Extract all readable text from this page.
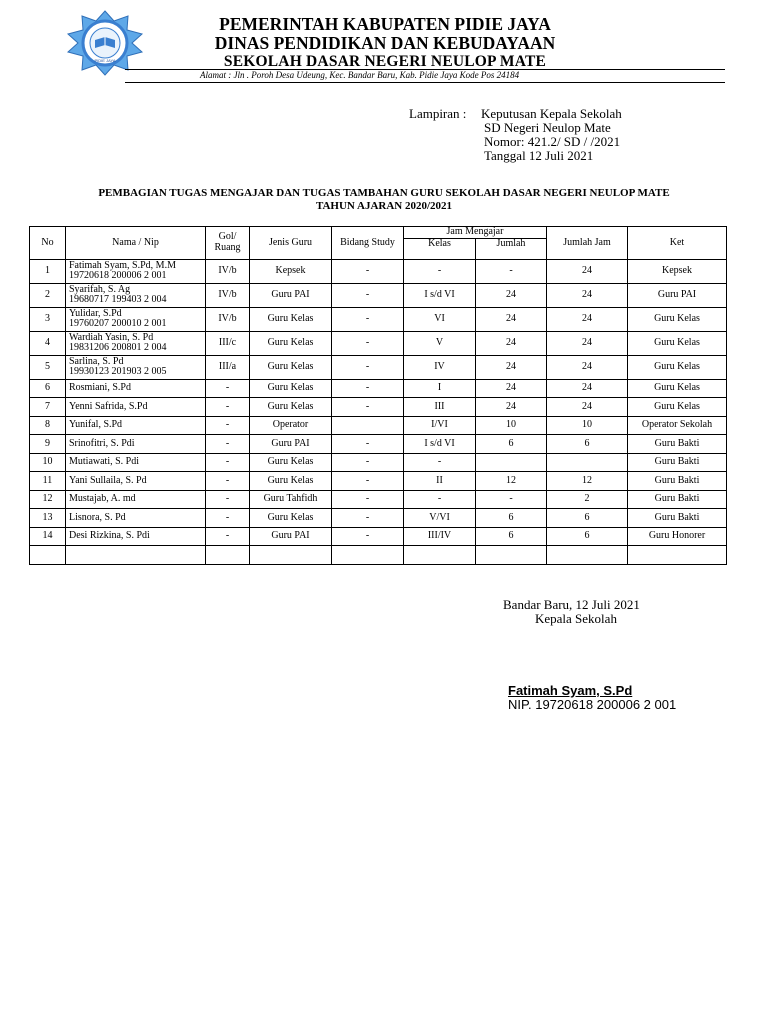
PIDIE JAYA
PEMERINTAH KABUPATEN PIDIE JAYA
DINAS PENDIDIKAN DAN KEBUDAYAAN
SEKOLAH DASAR NEGERI NEULOP MATE
Alamat : Jln . Poroh Desa Udeung, Kec. Bandar Baru, Kab. Pidie Jaya Kode Pos 24184
Lampiran : Keputusan Kepala Sekolah
SD Negeri Neulop Mate
Nomor: 421.2/ SD / /2021
Tanggal 12 Juli 2021
PEMBAGIAN TUGAS MENGAJAR DAN TUGAS TAMBAHAN GURU SEKOLAH DASAR NEGERI NEULOP MATE
TAHUN AJARAN 2020/2021
No	Nama / Nip	Gol/ Ruang	Jenis Guru	Bidang Study	Jam Mengajar		Jumlah Jam	Ket
					Kelas	Jumlah		
1	Fatimah Syam, S.Pd, M.M
19720618 200006 2 001	IV/b	Kepsek	-	-	-	24	Kepsek
2	Syarifah, S. Ag
19680717 199403 2 004	IV/b	Guru PAI	-	I s/d VI	24	24	Guru PAI
3	Yulidar, S.Pd
19760207 200010 2 001	IV/b	Guru Kelas	-	VI	24	24	Guru Kelas
4	Wardiah Yasin, S. Pd
19831206 200801 2 004	III/c	Guru Kelas	-	V	24	24	Guru Kelas
5	Sarlina, S. Pd
19930123 201903 2 005	III/a	Guru Kelas	-	IV	24	24	Guru Kelas
6	Rosmiani, S.Pd	-	Guru Kelas	-	I	24	24	Guru Kelas
7	Yenni Safrida, S.Pd	-	Guru Kelas	-	III	24	24	Guru Kelas
8	Yunifal, S.Pd	-	Operator		I/VI	10	10	Operator Sekolah
9	Srinofitri, S. Pdi	-	Guru PAI	-	I s/d VI	6	6	Guru Bakti
10	Mutiawati, S. Pdi	-	Guru Kelas	-	-			Guru Bakti
11	Yani Sullaila, S. Pd	-	Guru Kelas	-	II	12	12	Guru Bakti
12	Mustajab, A. md	-	Guru Tahfidh	-	-	-	2	Guru Bakti
13	Lisnora, S. Pd	-	Guru Kelas	-	V/VI	6	6	Guru Bakti
14	Desi Rizkina, S. Pdi	-	Guru PAI	-	III/IV	6	6	Guru Honorer

Bandar Baru, 12 Juli 2021
Kepala Sekolah
Fatimah Syam, S.Pd
NIP. 19720618 200006 2 001
